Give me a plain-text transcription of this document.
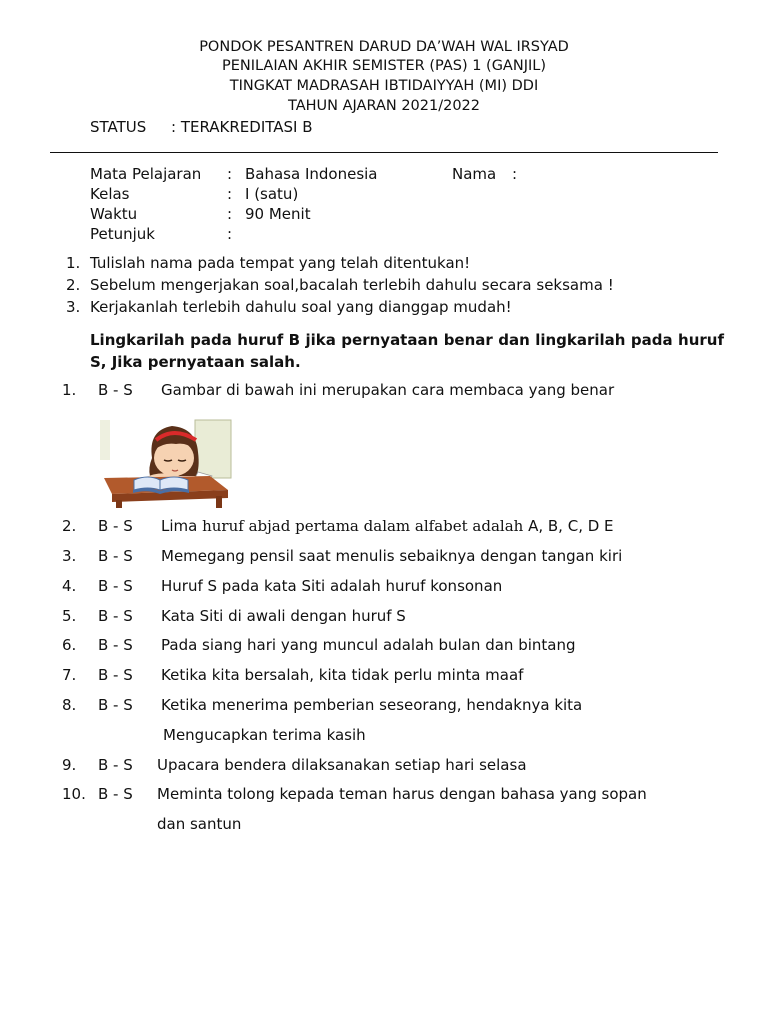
PONDOK PESANTREN DARUD DA’WAH WAL IRSYAD
PENILAIAN AKHIR SEMISTER (PAS) 1 (GANJIL)
TINGKAT MADRASAH IBTIDAIYYAH (MI) DDI
TAHUN AJARAN 2021/2022
STATUS : TERAKREDITASI B
Mata Pelajaran : Bahasa Indonesia	Nama :
Kelas	: I (satu)
Waktu	: 90 Menit
Petunjuk	:
1. Tulislah nama pada tempat yang telah ditentukan!
2. Sebelum mengerjakan soal,bacalah terlebih dahulu secara seksama !
3. Kerjakanlah terlebih dahulu soal yang dianggap mudah!
Lingkarilah pada huruf B jika pernyataan benar dan lingkarilah pada huruf S, Jika pernyataan salah.
1. B - S Gambar di bawah ini merupakan cara membaca yang benar
2. B - S Lima huruf abjad pertama dalam alfabet adalah A, B, C, D E
3. B - S Memegang pensil saat menulis sebaiknya dengan tangan kiri
4. B - S Huruf S pada kata Siti adalah huruf konsonan
5. B - S Kata Siti di awali dengan huruf S
6. B - S Pada siang hari yang muncul adalah bulan dan bintang
7. B - S Ketika kita bersalah, kita tidak perlu minta maaf
8. B - S Ketika menerima pemberian seseorang, hendaknya kita
Mengucapkan terima kasih
9. B - S Upacara bendera dilaksanakan setiap hari selasa
10. B - S Meminta tolong kepada teman harus dengan bahasa yang sopan
dan santun
